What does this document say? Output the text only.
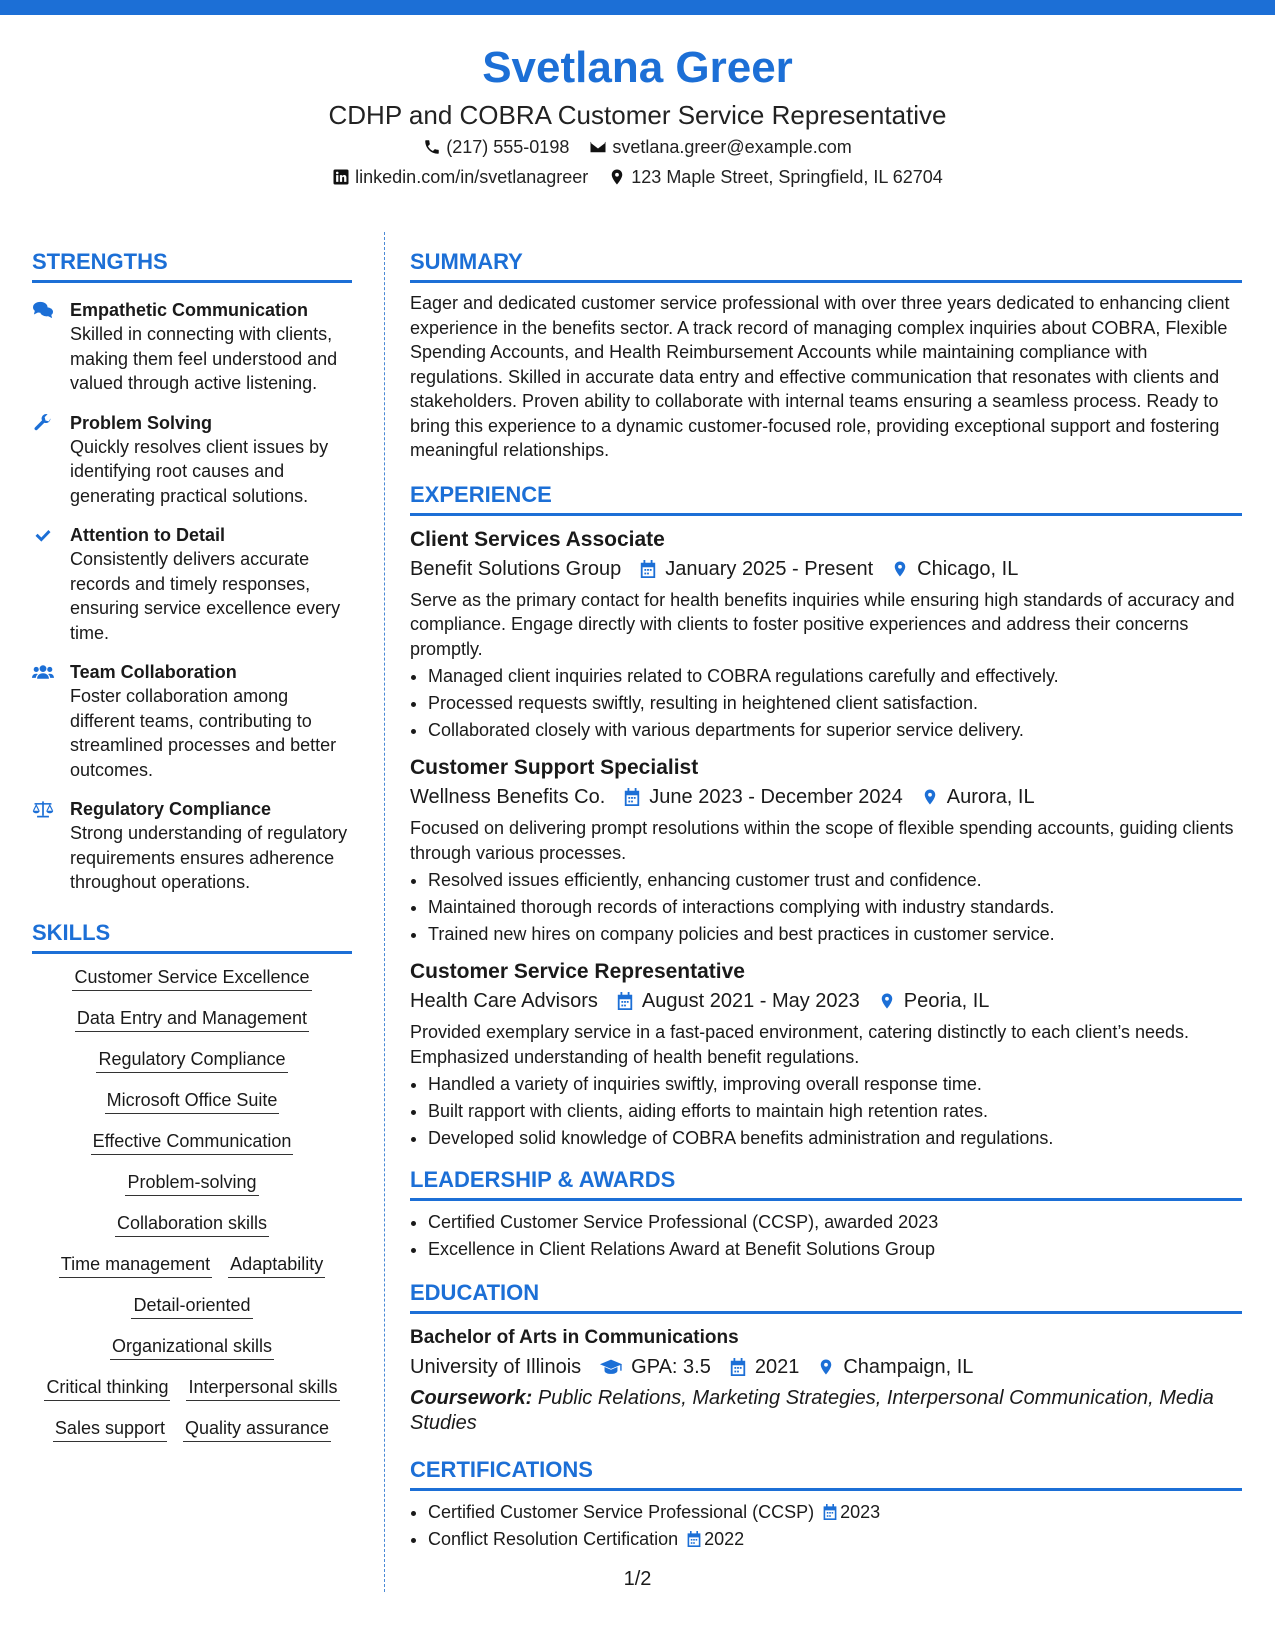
Svetlana Greer
CDHP and COBRA Customer Service Representative
(217) 555-0198 svetlana.greer@example.com
linkedin.com/in/svetlanagreer 123 Maple Street, Springfield, IL 62704
STRENGTHS
Empathetic Communication
Skilled in connecting with clients, making them feel understood and valued through active listening.
Problem Solving
Quickly resolves client issues by identifying root causes and generating practical solutions.
Attention to Detail
Consistently delivers accurate records and timely responses, ensuring service excellence every time.
Team Collaboration
Foster collaboration among different teams, contributing to streamlined processes and better outcomes.
Regulatory Compliance
Strong understanding of regulatory requirements ensures adherence throughout operations.
SKILLS
Customer Service Excellence
Data Entry and Management
Regulatory Compliance
Microsoft Office Suite
Effective Communication
Problem-solving
Collaboration skills
Time management Adaptability
Detail-oriented
Organizational skills
Critical thinking Interpersonal skills
Sales support Quality assurance
SUMMARY
Eager and dedicated customer service professional with over three years dedicated to enhancing client experience in the benefits sector. A track record of managing complex inquiries about COBRA, Flexible Spending Accounts, and Health Reimbursement Accounts while maintaining compliance with regulations. Skilled in accurate data entry and effective communication that resonates with clients and stakeholders. Proven ability to collaborate with internal teams ensuring a seamless process. Ready to bring this experience to a dynamic customer-focused role, providing exceptional support and fostering meaningful relationships.
EXPERIENCE
Client Services Associate
Benefit Solutions Group January 2025 - Present Chicago, IL
Serve as the primary contact for health benefits inquiries while ensuring high standards of accuracy and compliance. Engage directly with clients to foster positive experiences and address their concerns promptly.
• Managed client inquiries related to COBRA regulations carefully and effectively.
• Processed requests swiftly, resulting in heightened client satisfaction.
• Collaborated closely with various departments for superior service delivery.
Customer Support Specialist
Wellness Benefits Co. June 2023 - December 2024 Aurora, IL
Focused on delivering prompt resolutions within the scope of flexible spending accounts, guiding clients through various processes.
• Resolved issues efficiently, enhancing customer trust and confidence.
• Maintained thorough records of interactions complying with industry standards.
• Trained new hires on company policies and best practices in customer service.
Customer Service Representative
Health Care Advisors August 2021 - May 2023 Peoria, IL
Provided exemplary service in a fast-paced environment, catering distinctly to each client’s needs. Emphasized understanding of health benefit regulations.
• Handled a variety of inquiries swiftly, improving overall response time.
• Built rapport with clients, aiding efforts to maintain high retention rates.
• Developed solid knowledge of COBRA benefits administration and regulations.
LEADERSHIP & AWARDS
• Certified Customer Service Professional (CCSP), awarded 2023
• Excellence in Client Relations Award at Benefit Solutions Group
EDUCATION
Bachelor of Arts in Communications
University of Illinois	GPA: 3.5 2021 Champaign, IL
Coursework: Public Relations, Marketing Strategies, Interpersonal Communication, Media Studies
CERTIFICATIONS
• Certified Customer Service Professional (CCSP) 2023
• Conflict Resolution Certification 2022
1/2
